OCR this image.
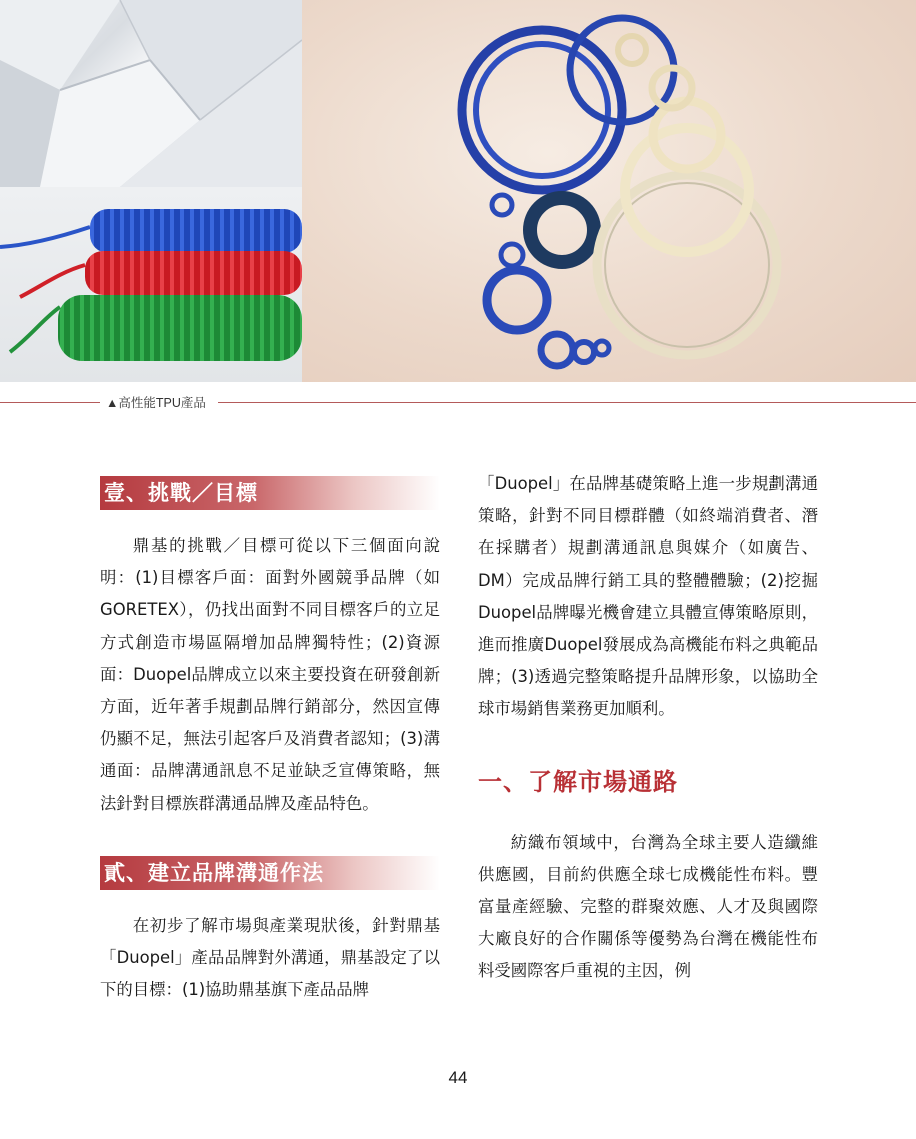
▲高性能TPU產品
壹、挑戰／目標

鼎基的挑戰／目標可從以下三個面向說明：(1)目標客戶面：面對外國競爭品牌（如GORETEX），仍找出面對不同目標客戶的立足方式創造市場區隔增加品牌獨特性；(2)資源面：Duopel品牌成立以來主要投資在研發創新方面，近年著手規劃品牌行銷部分，然因宣傳仍顯不足，無法引起客戶及消費者認知；(3)溝通面：品牌溝通訊息不足並缺乏宣傳策略，無法針對目標族群溝通品牌及產品特色。

貳、建立品牌溝通作法

在初步了解市場與產業現狀後，針對鼎基「Duopel」產品品牌對外溝通，鼎基設定了以下的目標：(1)協助鼎基旗下產品品牌

「Duopel」在品牌基礎策略上進一步規劃溝通策略，針對不同目標群體（如終端消費者、潛在採購者）規劃溝通訊息與媒介（如廣告、DM）完成品牌行銷工具的整體體驗；(2)挖掘Duopel品牌曝光機會建立具體宣傳策略原則，進而推廣Duopel發展成為高機能布料之典範品牌；(3)透過完整策略提升品牌形象，以協助全球市場銷售業務更加順利。

一、了解市場通路

紡織布領域中，台灣為全球主要人造纖維供應國，目前約供應全球七成機能性布料。豐富量產經驗、完整的群聚效應、人才及與國際大廠良好的合作關係等優勢為台灣在機能性布料受國際客戶重視的主因，例

44
